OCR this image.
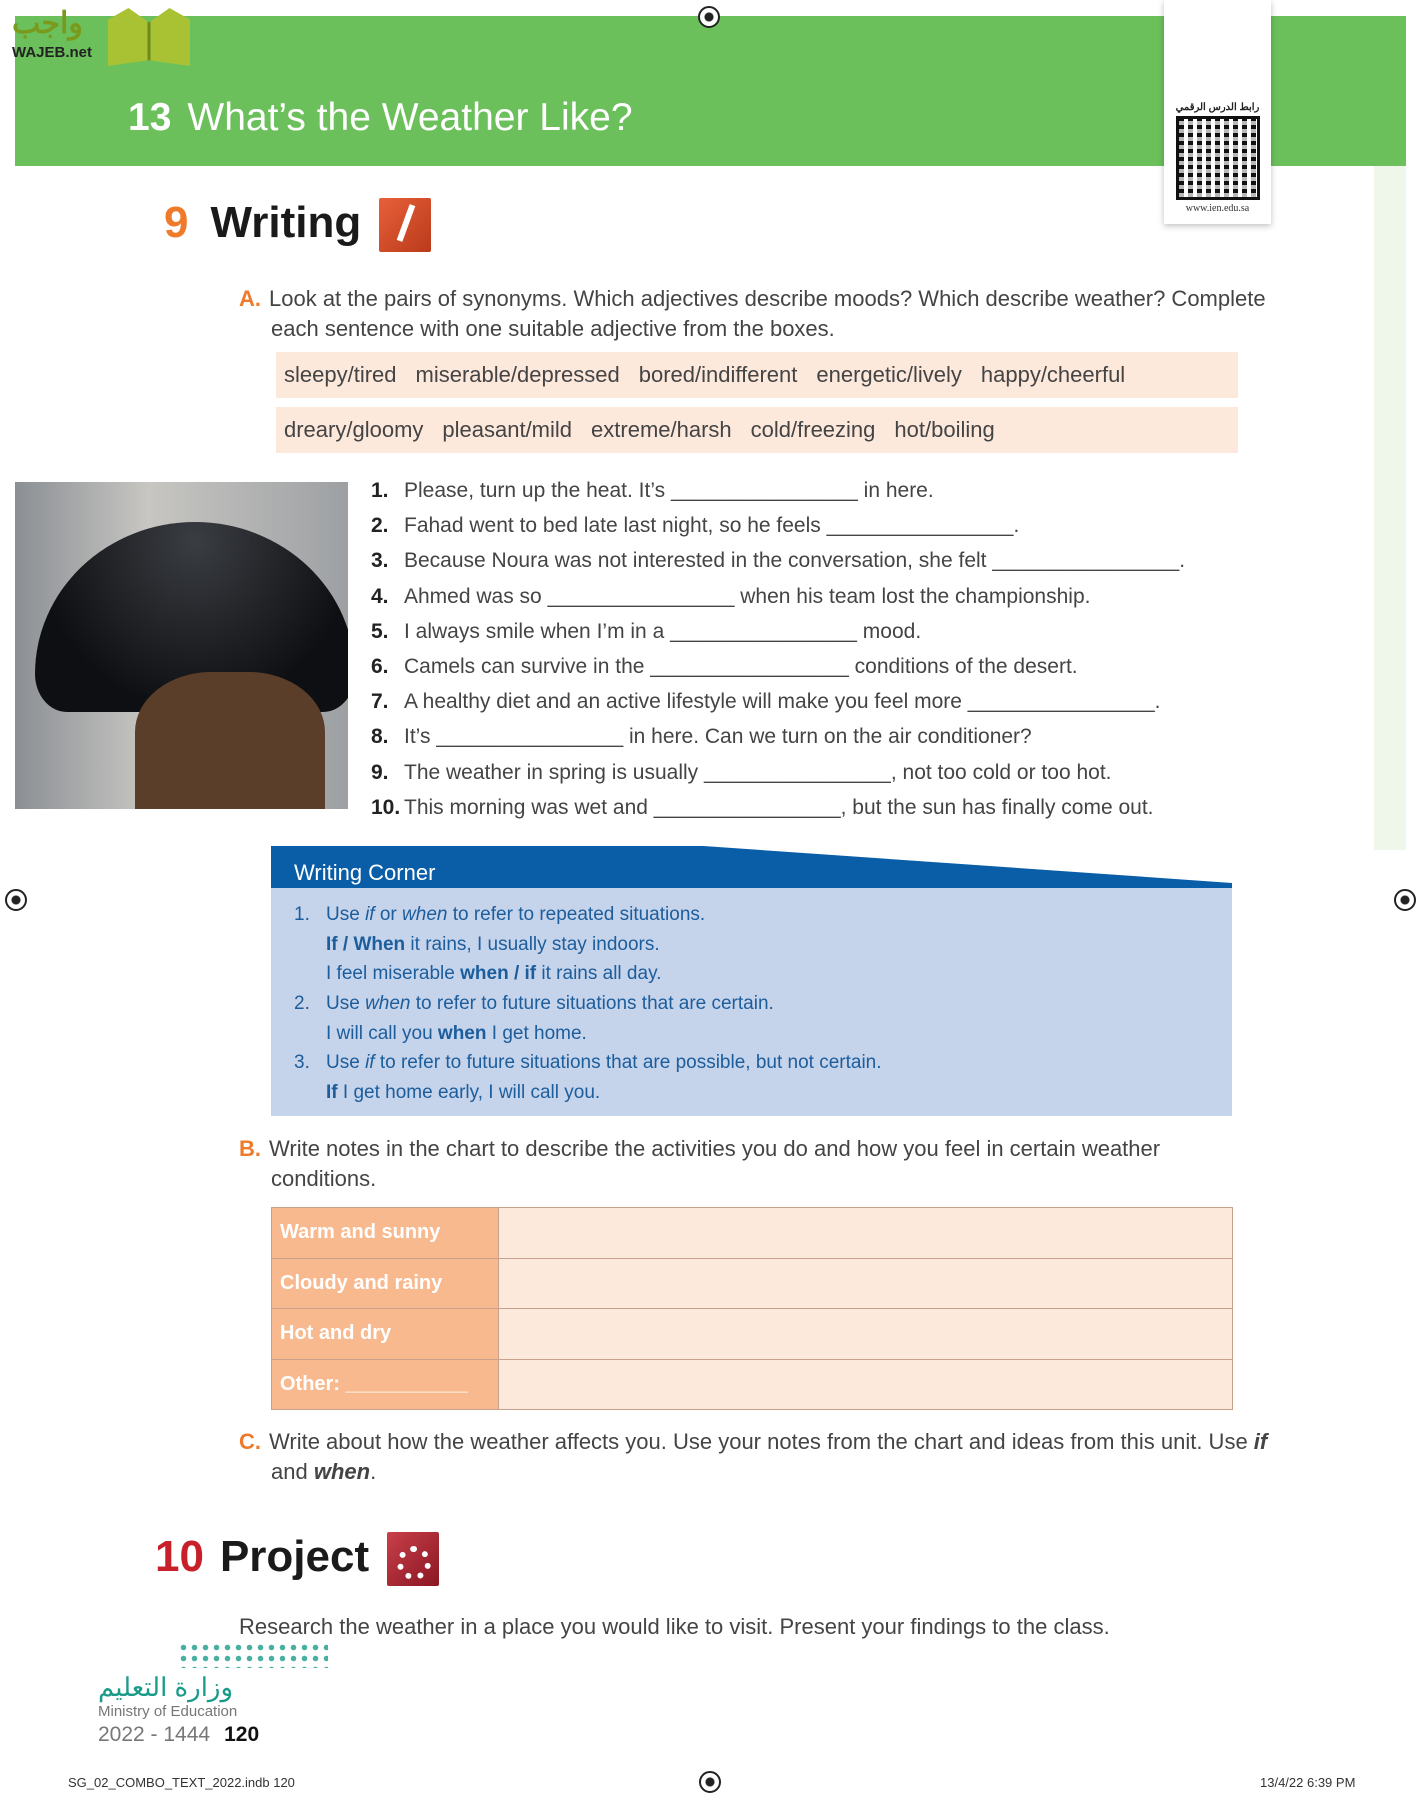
13 What’s the Weather Like?
واجب
WAJEB.net
رابط الدرس الرقمي
www.ien.edu.sa
9 Writing
A. Look at the pairs of synonyms. Which adjectives describe moods? Which describe weather? Complete
each sentence with one suitable adjective from the boxes.
sleepy/tired miserable/depressed bored/indifferent energetic/lively happy/cheerful
dreary/gloomy pleasant/mild extreme/harsh cold/freezing hot/boiling
1. Please, turn up the heat. It’s ________________ in here.
2. Fahad went to bed late last night, so he feels ________________.
3. Because Noura was not interested in the conversation, she felt ________________.
4. Ahmed was so ________________ when his team lost the championship.
5. I always smile when I’m in a ________________ mood.
6. Camels can survive in the _________________ conditions of the desert.
7. A healthy diet and an active lifestyle will make you feel more ________________.
8. It’s ________________ in here. Can we turn on the air conditioner?
9. The weather in spring is usually ________________, not too cold or too hot.
10. This morning was wet and ________________, but the sun has finally come out.
Writing Corner
1. Use if or when to refer to repeated situations.
If / When it rains, I usually stay indoors.
I feel miserable when / if it rains all day.
2. Use when to refer to future situations that are certain.
I will call you when I get home.
3. Use if to refer to future situations that are possible, but not certain.
If I get home early, I will call you.
B. Write notes in the chart to describe the activities you do and how you feel in certain weather
conditions.
Warm and sunny	
Cloudy and rainy	
Hot and dry	
Other: ___________	
C. Write about how the weather affects you. Use your notes from the chart and ideas from this unit. Use if
and when.
10 Project
Research the weather in a place you would like to visit. Present your findings to the class.
وزارة التعليم
Ministry of Education
2022 - 1444 120
SG_02_COMBO_TEXT_2022.indb 120	13/4/22 6:39 PM
